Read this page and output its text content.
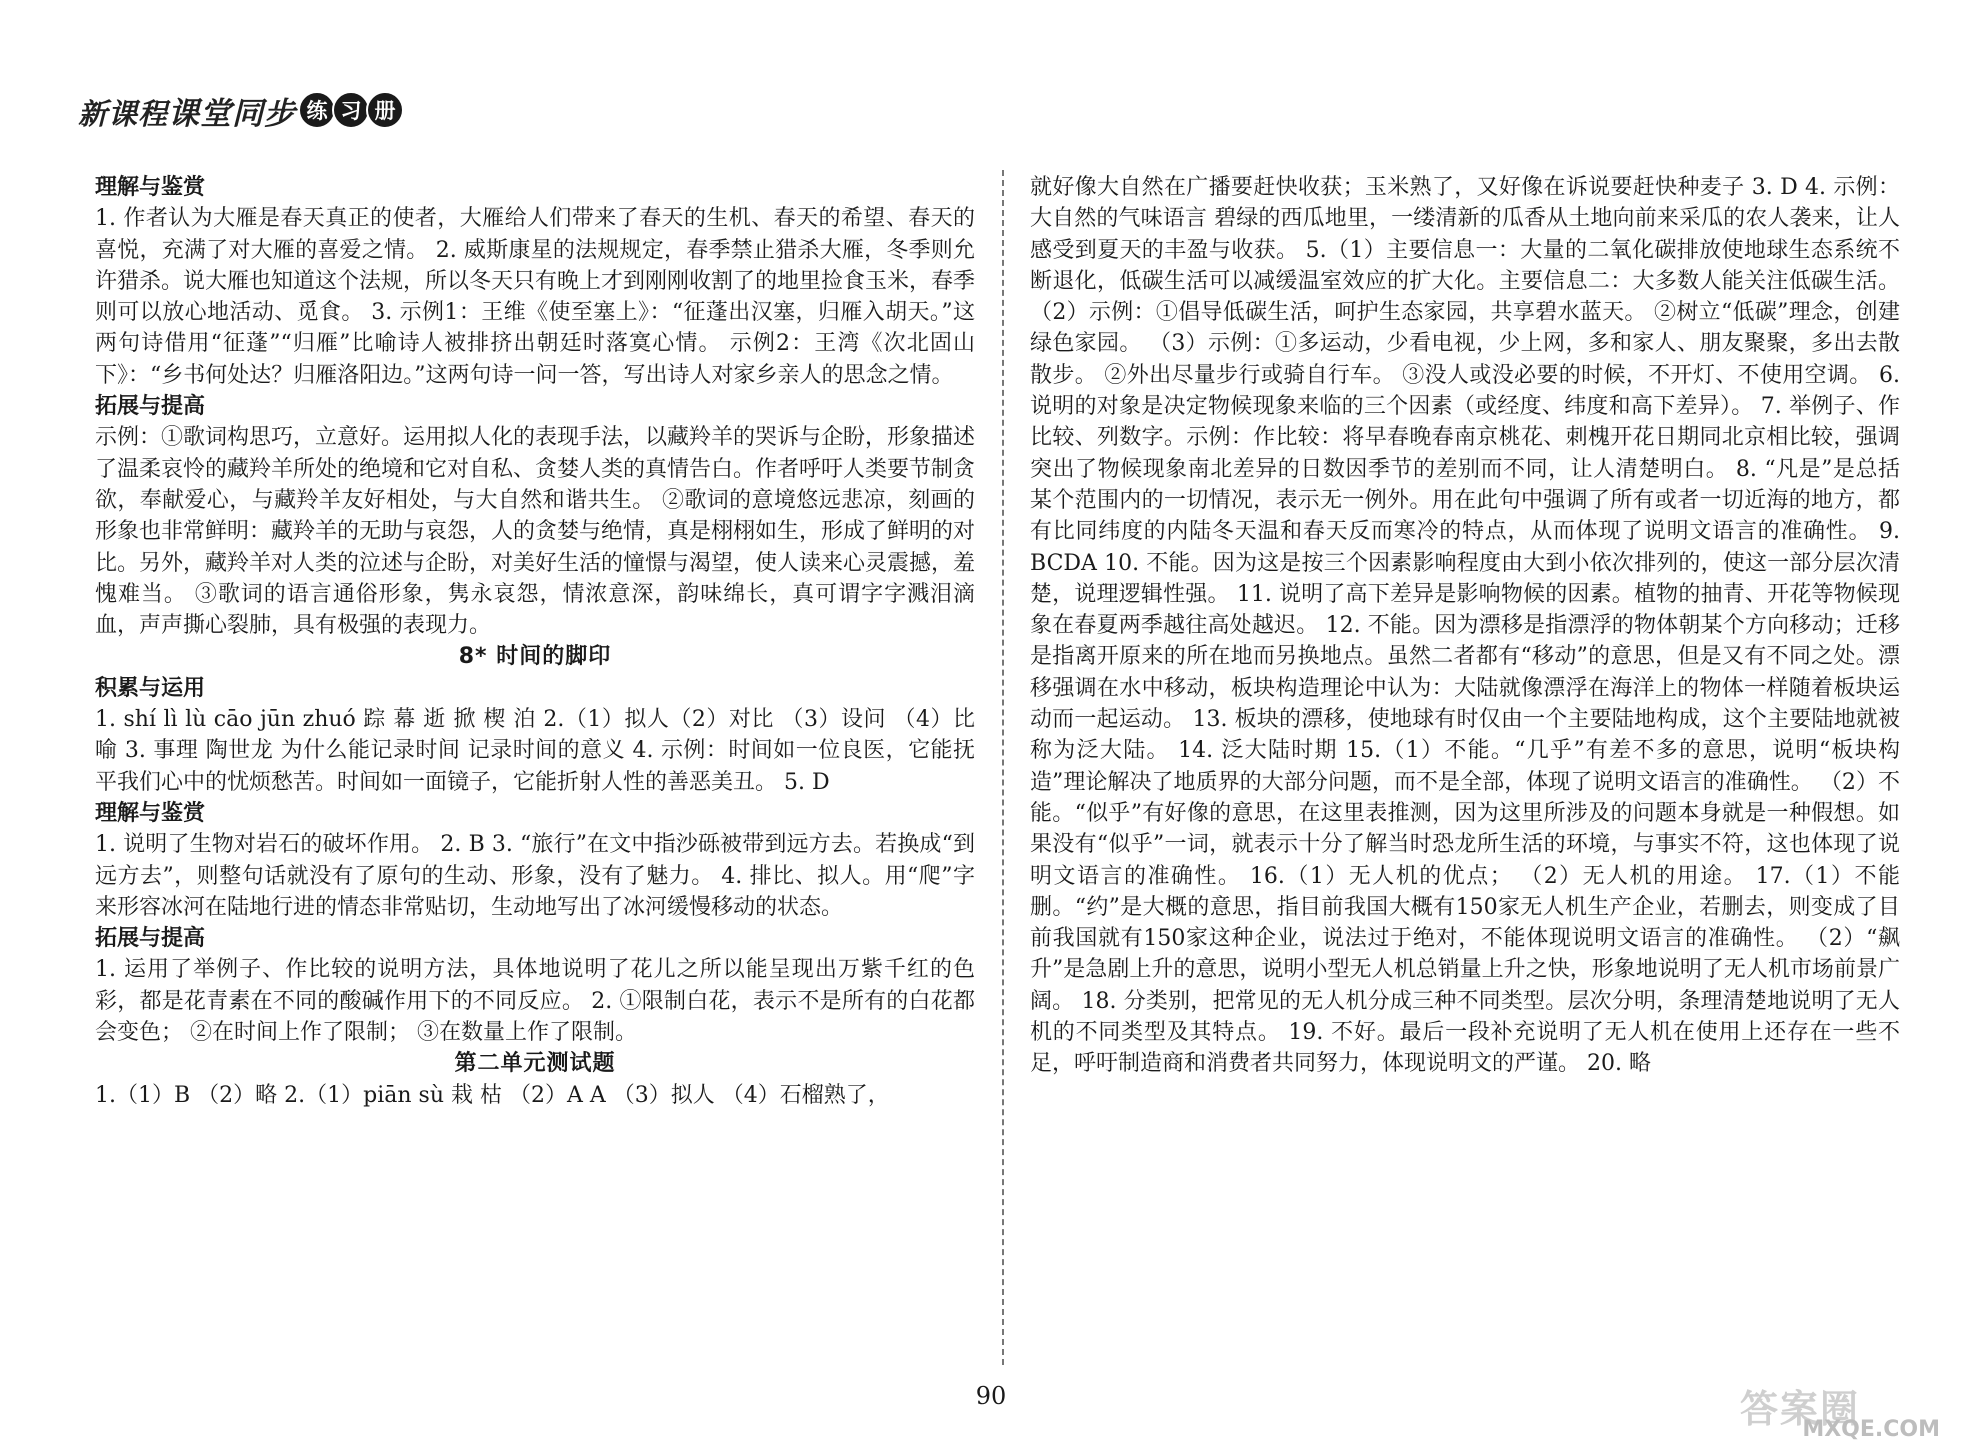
新课程课堂同步 练 习 册

理解与鉴赏

1. 作者认为大雁是春天真正的使者，大雁给人们带来了春天的生机、春天的希望、春天的喜悦，充满了对大雁的喜爱之情。 2. 威斯康星的法规规定，春季禁止猎杀大雁，冬季则允许猎杀。说大雁也知道这个法规，所以冬天只有晚上才到刚刚收割了的地里捡食玉米，春季则可以放心地活动、觅食。 3. 示例1：王维《使至塞上》：“征蓬出汉塞，归雁入胡天。”这两句诗借用“征蓬”“归雁”比喻诗人被排挤出朝廷时落寞心情。 示例2：王湾《次北固山下》：“乡书何处达？归雁洛阳边。”这两句诗一问一答，写出诗人对家乡亲人的思念之情。

拓展与提高

示例：①歌词构思巧，立意好。运用拟人化的表现手法，以藏羚羊的哭诉与企盼，形象描述了温柔哀怜的藏羚羊所处的绝境和它对自私、贪婪人类的真情告白。作者呼吁人类要节制贪欲，奉献爱心，与藏羚羊友好相处，与大自然和谐共生。 ②歌词的意境悠远悲凉，刻画的形象也非常鲜明：藏羚羊的无助与哀怨，人的贪婪与绝情，真是栩栩如生，形成了鲜明的对比。另外，藏羚羊对人类的泣述与企盼，对美好生活的憧憬与渴望，使人读来心灵震撼，羞愧难当。 ③歌词的语言通俗形象，隽永哀怨，情浓意深，韵味绵长，真可谓字字溅泪滴血，声声撕心裂肺，具有极强的表现力。

8* 时间的脚印

积累与运用

1. shí lì lù cāo jūn zhuó 踪 幕 逝 掀 楔 泊 2.（1）拟人（2）对比 （3）设问 （4）比喻 3. 事理 陶世龙 为什么能记录时间 记录时间的意义 4. 示例：时间如一位良医，它能抚平我们心中的忧烦愁苦。时间如一面镜子，它能折射人性的善恶美丑。 5. D

理解与鉴赏

1. 说明了生物对岩石的破坏作用。 2. B 3. “旅行”在文中指沙砾被带到远方去。若换成“到远方去”，则整句话就没有了原句的生动、形象，没有了魅力。 4. 排比、拟人。用“爬”字来形容冰河在陆地行进的情态非常贴切，生动地写出了冰河缓慢移动的状态。

拓展与提高

1. 运用了举例子、作比较的说明方法，具体地说明了花儿之所以能呈现出万紫千红的色彩，都是花青素在不同的酸碱作用下的不同反应。 2. ①限制白花，表示不是所有的白花都会变色； ②在时间上作了限制； ③在数量上作了限制。

第二单元测试题

1.（1）B （2）略 2.（1）piān sù 栽 枯 （2）A A （3）拟人 （4）石榴熟了，

就好像大自然在广播要赶快收获；玉米熟了，又好像在诉说要赶快种麦子 3. D 4. 示例：大自然的气味语言 碧绿的西瓜地里，一缕清新的瓜香从土地向前来采瓜的农人袭来，让人感受到夏天的丰盈与收获。 5.（1）主要信息一：大量的二氧化碳排放使地球生态系统不断退化，低碳生活可以减缓温室效应的扩大化。主要信息二：大多数人能关注低碳生活。 （2）示例：①倡导低碳生活，呵护生态家园，共享碧水蓝天。 ②树立“低碳”理念，创建绿色家园。 （3）示例：①多运动，少看电视，少上网，多和家人、朋友聚聚，多出去散散步。 ②外出尽量步行或骑自行车。 ③没人或没必要的时候，不开灯、不使用空调。 6. 说明的对象是决定物候现象来临的三个因素（或经度、纬度和高下差异）。 7. 举例子、作比较、列数字。示例：作比较：将早春晚春南京桃花、刺槐开花日期同北京相比较，强调突出了物候现象南北差异的日数因季节的差别而不同，让人清楚明白。 8. “凡是”是总括某个范围内的一切情况，表示无一例外。用在此句中强调了所有或者一切近海的地方，都有比同纬度的内陆冬天温和春天反而寒冷的特点，从而体现了说明文语言的准确性。 9. BCDA 10. 不能。因为这是按三个因素影响程度由大到小依次排列的，使这一部分层次清楚，说理逻辑性强。 11. 说明了高下差异是影响物候的因素。植物的抽青、开花等物候现象在春夏两季越往高处越迟。 12. 不能。因为漂移是指漂浮的物体朝某个方向移动；迁移是指离开原来的所在地而另换地点。虽然二者都有“移动”的意思，但是又有不同之处。漂移强调在水中移动，板块构造理论中认为：大陆就像漂浮在海洋上的物体一样随着板块运动而一起运动。 13. 板块的漂移，使地球有时仅由一个主要陆地构成，这个主要陆地就被称为泛大陆。 14. 泛大陆时期 15.（1）不能。“几乎”有差不多的意思，说明“板块构造”理论解决了地质界的大部分问题，而不是全部，体现了说明文语言的准确性。 （2）不能。“似乎”有好像的意思，在这里表推测，因为这里所涉及的问题本身就是一种假想。如果没有“似乎”一词，就表示十分了解当时恐龙所生活的环境，与事实不符，这也体现了说明文语言的准确性。 16.（1）无人机的优点； （2）无人机的用途。 17.（1）不能删。“约”是大概的意思，指目前我国大概有150家无人机生产企业，若删去，则变成了目前我国就有150家这种企业，说法过于绝对，不能体现说明文语言的准确性。 （2）“飙升”是急剧上升的意思，说明小型无人机总销量上升之快，形象地说明了无人机市场前景广阔。 18. 分类别，把常见的无人机分成三种不同类型。层次分明，条理清楚地说明了无人机的不同类型及其特点。 19. 不好。最后一段补充说明了无人机在使用上还存在一些不足，呼吁制造商和消费者共同努力，体现说明文的严谨。 20. 略

90	答案圈
MXQE.COM
